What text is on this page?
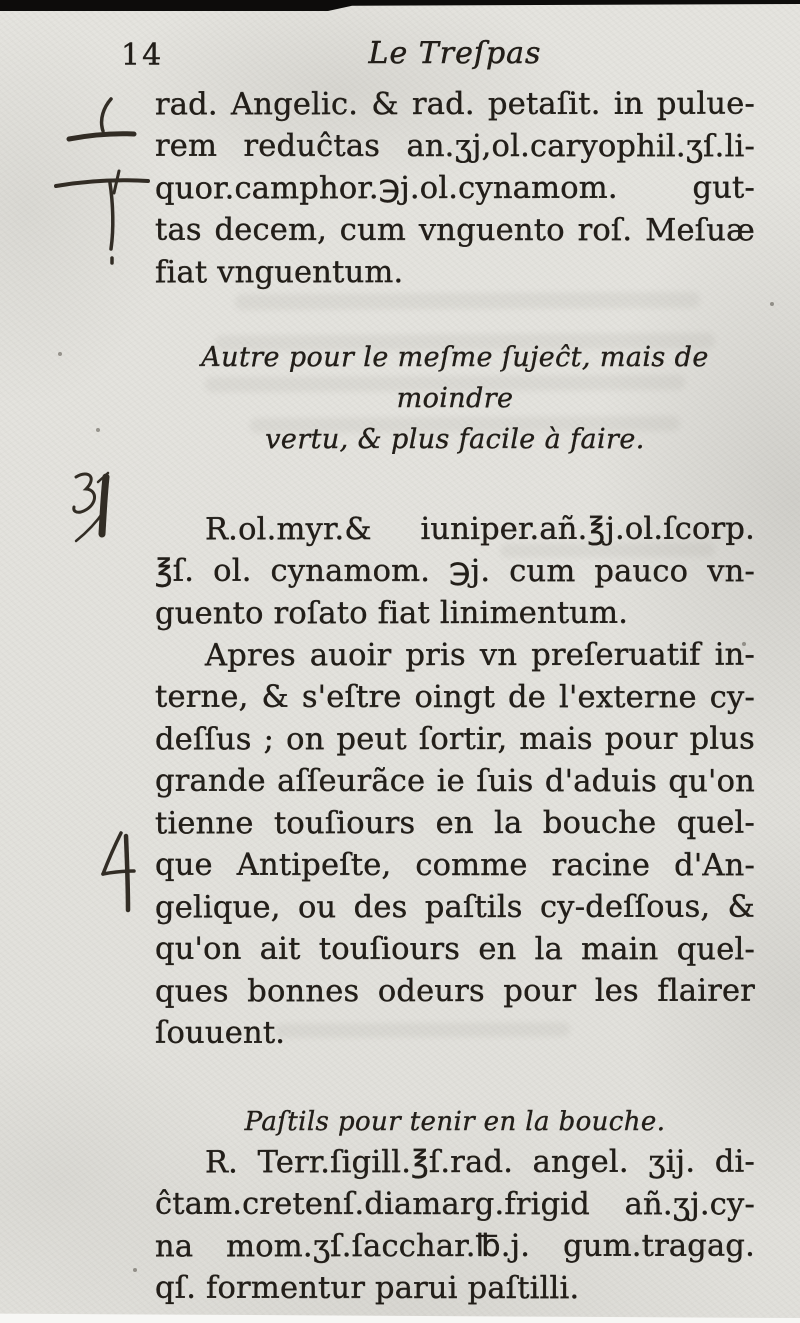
14	Le Treſpas
rad. Angelic. & rad. petaſit. in pulue-
rem reduĉtas an.ʒj,ol.caryophil.ʒſ.li-
quor.camphor.℈j.ol.cynamom. gut-
tas decem, cum vnguento roſ. Meſuæ
fiat vnguentum.
Autre pour le meſme ſujeĉt, mais de moindre
vertu, & plus facile à faire.
R.ol.myr.& iuniper.añ.℥j.ol.ſcorp.
℥ſ. ol. cynamom. ℈j. cum pauco vn-
guento roſato fiat linimentum.
Apres auoir pris vn preſeruatif in-
terne, & s'eſtre oingt de l'externe cy-
deſſus ; on peut ſortir, mais pour plus
grande aſſeurãce ie ſuis d'aduis qu'on
tienne touſiours en la bouche quel-
que Antipeſte, comme racine d'An-
gelique, ou des paſtils cy-deſſous, &
qu'on ait touſiours en la main quel-
ques bonnes odeurs pour les flairer
ſouuent.
Paſtils pour tenir en la bouche.
R. Terr.ſigill.℥ſ.rad. angel. ʒij. di-
ĉtam.cretenſ.diamarg.frigid añ.ʒj.cy-
na mom.ʒſ.ſacchar.℔.j. gum.tragag.
qſ. formentur parui paſtilli.
